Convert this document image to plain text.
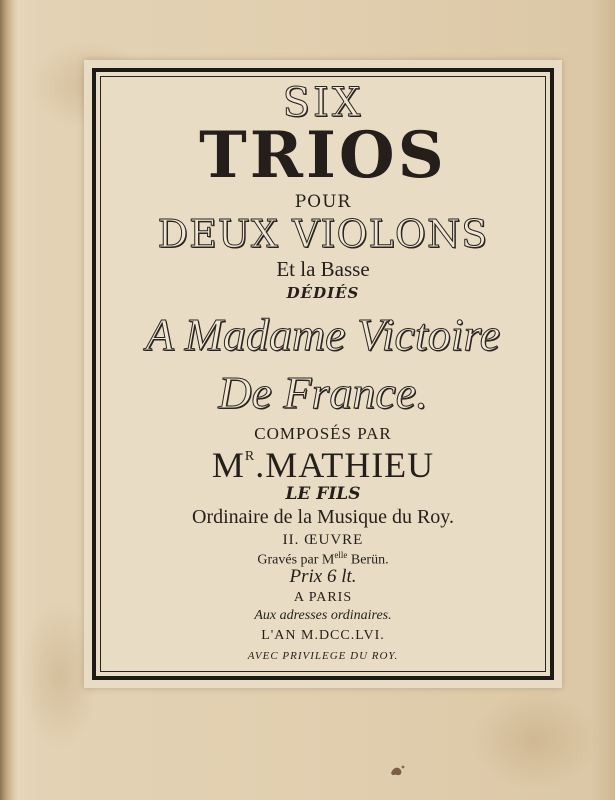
SIX
TRIOS
POUR
DEUX VIOLONS
Et la Basse
DÉDIÉS
A Madame Victoire
De France.
COMPOSÉS PAR
$M^R.MATHIEU$
LE FILS
Ordinaire de la Musique du Roy.
II. ŒUVRE
Gravés par $M^{elle}$ Berün.
Prix 6 lt.
A PARIS
Aux adresses ordinaires.
L'AN M.DCC.LVI.
AVEC PRIVILEGE DU ROY.
